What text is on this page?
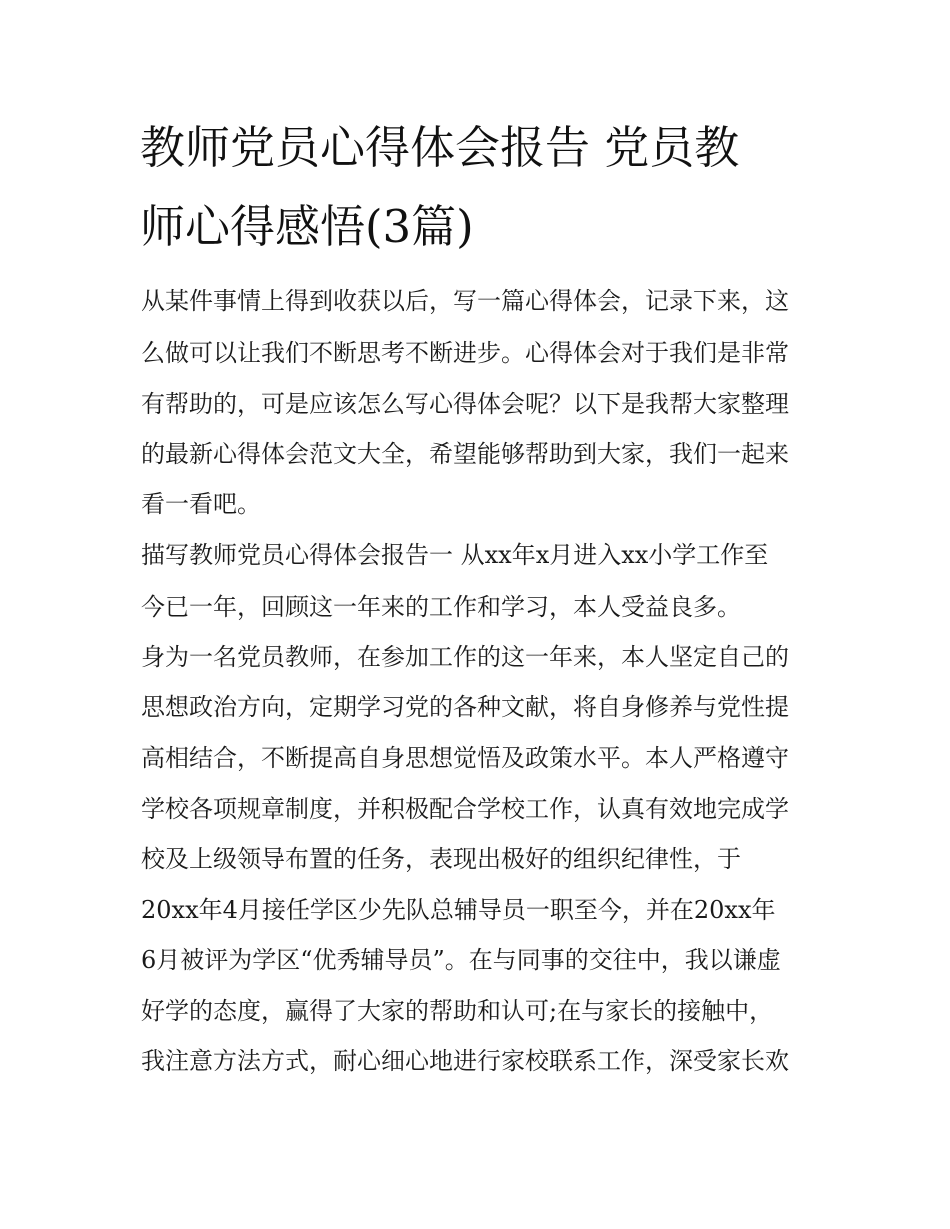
教师党员心得体会报告 党员教
师心得感悟(3篇)
从某件事情上得到收获以后，写一篇心得体会，记录下来，这
么做可以让我们不断思考不断进步。心得体会对于我们是非常
有帮助的，可是应该怎么写心得体会呢？以下是我帮大家整理
的最新心得体会范文大全，希望能够帮助到大家，我们一起来
看一看吧。
描写教师党员心得体会报告一 从xx年x月进入xx小学工作至
今已一年，回顾这一年来的工作和学习，本人受益良多。
身为一名党员教师，在参加工作的这一年来，本人坚定自己的
思想政治方向，定期学习党的各种文献，将自身修养与党性提
高相结合，不断提高自身思想觉悟及政策水平。本人严格遵守
学校各项规章制度，并积极配合学校工作，认真有效地完成学
校及上级领导布置的任务，表现出极好的组织纪律性，于
20xx年4月接任学区少先队总辅导员一职至今，并在20xx年
6月被评为学区“优秀辅导员”。在与同事的交往中，我以谦虚
好学的态度，赢得了大家的帮助和认可;在与家长的接触中，
我注意方法方式，耐心细心地进行家校联系工作，深受家长欢
